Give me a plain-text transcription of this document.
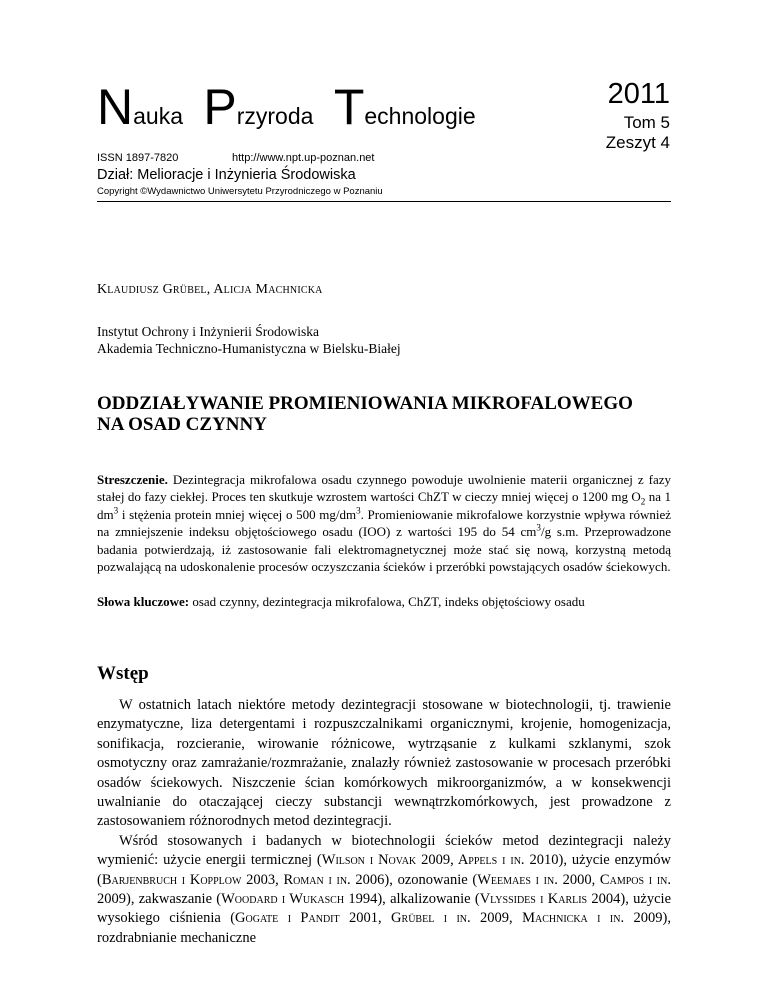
Nauka Przyroda Technologie
2011
Tom 5
Zeszyt 4
ISSN 1897-7820	http://www.npt.up-poznan.net
Dział: Melioracje i Inżynieria Środowiska
Copyright ©Wydawnictwo Uniwersytetu Przyrodniczego w Poznaniu
Klaudiusz Grübel, Alicja Machnicka
Instytut Ochrony i Inżynierii Środowiska
Akademia Techniczno-Humanistyczna w Bielsku-Białej
ODDZIAŁYWANIE PROMIENIOWANIA MIKROFALOWEGO
NA OSAD CZYNNY
Streszczenie. Dezintegracja mikrofalowa osadu czynnego powoduje uwolnienie materii organicznej z fazy stałej do fazy ciekłej. Proces ten skutkuje wzrostem wartości ChZT w cieczy mniej więcej o 1200 mg $O_2$ na 1 $dm^3$ i stężenia protein mniej więcej o 500 $mg/dm^3$. Promieniowanie mikrofalowe korzystnie wpływa również na zmniejszenie indeksu objętościowego osadu (IOO) z wartości 195 do 54 $cm^3/g$ s.m. Przeprowadzone badania potwierdzają, iż zastosowanie fali elektromagnetycznej może stać się nową, korzystną metodą pozwalającą na udoskonalenie procesów oczyszczania ścieków i przeróbki powstających osadów ściekowych.
Słowa kluczowe: osad czynny, dezintegracja mikrofalowa, ChZT, indeks objętościowy osadu
Wstęp

W ostatnich latach niektóre metody dezintegracji stosowane w biotechnologii, tj. trawienie enzymatyczne, liza detergentami i rozpuszczalnikami organicznymi, krojenie, homogenizacja, sonifikacja, rozcieranie, wirowanie różnicowe, wytrząsanie z kulkami szklanymi, szok osmotyczny oraz zamrażanie/rozmrażanie, znalazły również zastosowanie w procesach przeróbki osadów ściekowych. Niszczenie ścian komórkowych mikroorganizmów, a w konsekwencji uwalnianie do otaczającej cieczy substancji wewnątrzkomórkowych, jest prowadzone z zastosowaniem różnorodnych metod dezintegracji.

Wśród stosowanych i badanych w biotechnologii ścieków metod dezintegracji należy wymienić: użycie energii termicznej (Wilson i Novak 2009, Appels i in. 2010), użycie enzymów (Barjenbruch i Kopplow 2003, Roman i in. 2006), ozonowanie (Weemaes i in. 2000, Campos i in. 2009), zakwaszanie (Woodard i Wukasch 1994), alkalizowanie (Vlyssides i Karlis 2004), użycie wysokiego ciśnienia (Gogate i Pandit 2001, Grübel i in. 2009, Machnicka i in. 2009), rozdrabnianie mechaniczne
